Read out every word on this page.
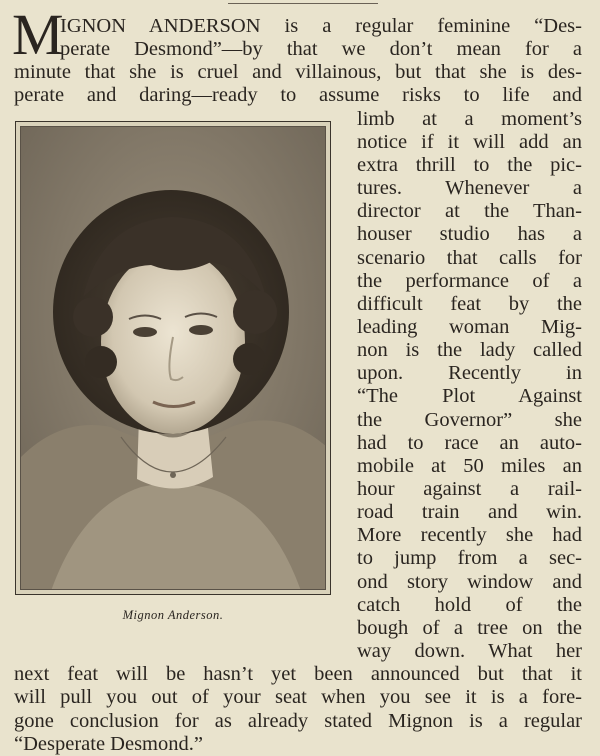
M
IGNON ANDERSON is a regular feminine “Des-
perate Desmond”—by that we don’t mean for a
minute that she is cruel and villainous, but that she is des-
perate and daring—ready to assume risks to life and
limb at a moment’s
notice if it will add an
extra thrill to the pic-
tures. Whenever a
director at the Than-
houser studio has a
scenario that calls for
the performance of a
difficult feat by the
leading woman Mig-
non is the lady called
upon. Recently in
“The Plot Against
the Governor” she
had to race an auto-
mobile at 50 miles an
hour against a rail-
road train and win.
More recently she had
to jump from a sec-
ond story window and
catch hold of the
bough of a tree on the
way down. What her
next feat will be hasn’t yet been announced but that it
will pull you out of your seat when you see it is a fore-
gone conclusion for as already stated Mignon is a regular
“Desperate Desmond.”
Mignon Anderson.
